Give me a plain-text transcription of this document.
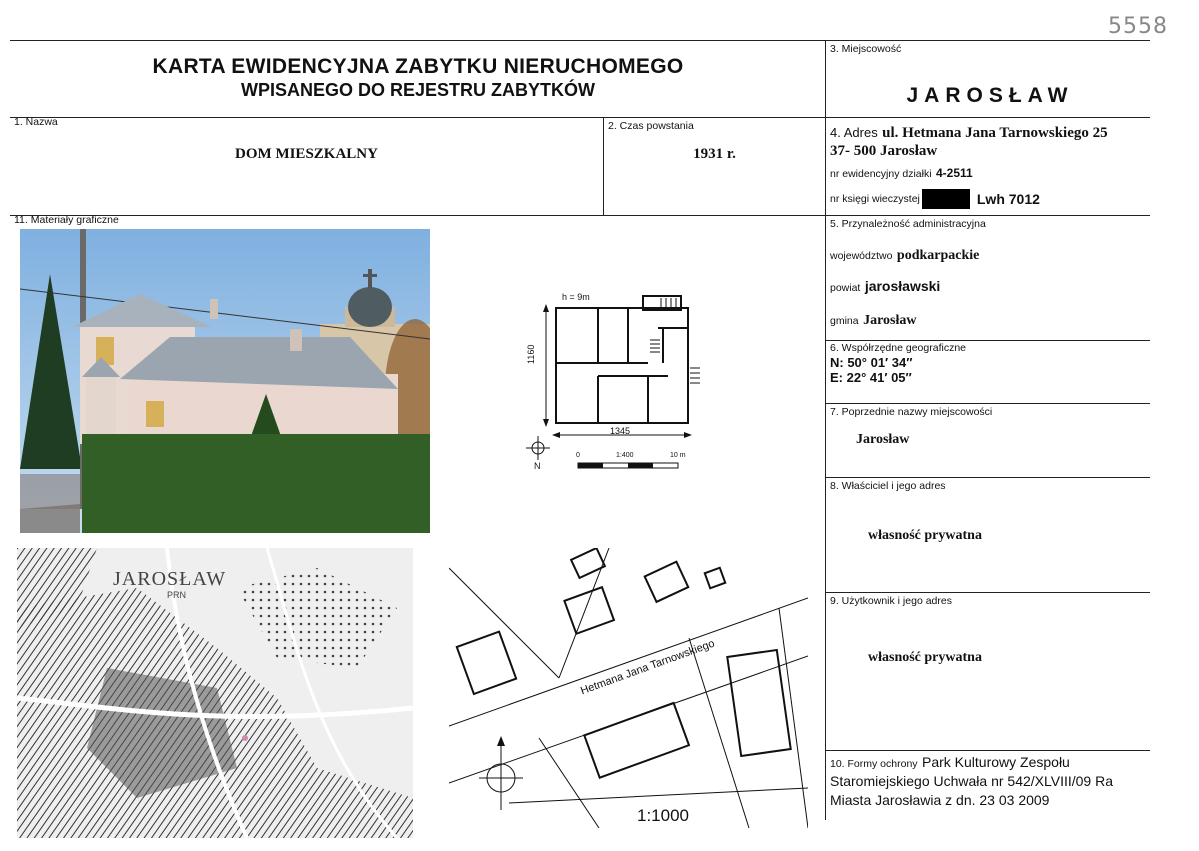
5558
KARTA EWIDENCYJNA ZABYTKU NIERUCHOMEGO
WPISANEGO DO REJESTRU ZABYTKÓW
3. Miejscowość
JAROSŁAW
1. Nazwa
DOM MIESZKALNY
2. Czas powstania
1931 r.
4. Adres ul. Hetmana Jana Tarnowskiego 25
37- 500 Jarosław
nr ewidencyjny działki 4-2511
nr księgi wieczystej	Lwh 7012
5. Przynależność administracyjna
województwo podkarpackie
powiat jarosławski
gmina Jarosław
6. Współrzędne geograficzne
N: 50° 01′ 34″
E: 22° 41′ 05″
7. Poprzednie nazwy miejscowości
Jarosław
8. Właściciel i jego adres
własność prywatna
9. Użytkownik i jego adres
własność prywatna
10. Formy ochrony Park Kulturowy Zespołu
Staromiejskiego Uchwała nr 542/XLVIII/09 Ra
Miasta Jarosławia z dn. 23 03 2009
11. Materiały graficzne
h = 9m
1160
1345
N
0	1:400	10 m
JAROSŁAW
PRN
Hetmana Jana Tarnowskiego
1:1000
